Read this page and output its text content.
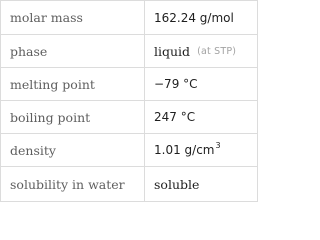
molar mass	162.24 g/mol
phase	liquid (at STP)
melting point	−79 °C
boiling point	247 °C
density	1.01 g/cm 3
solubility in water	soluble
